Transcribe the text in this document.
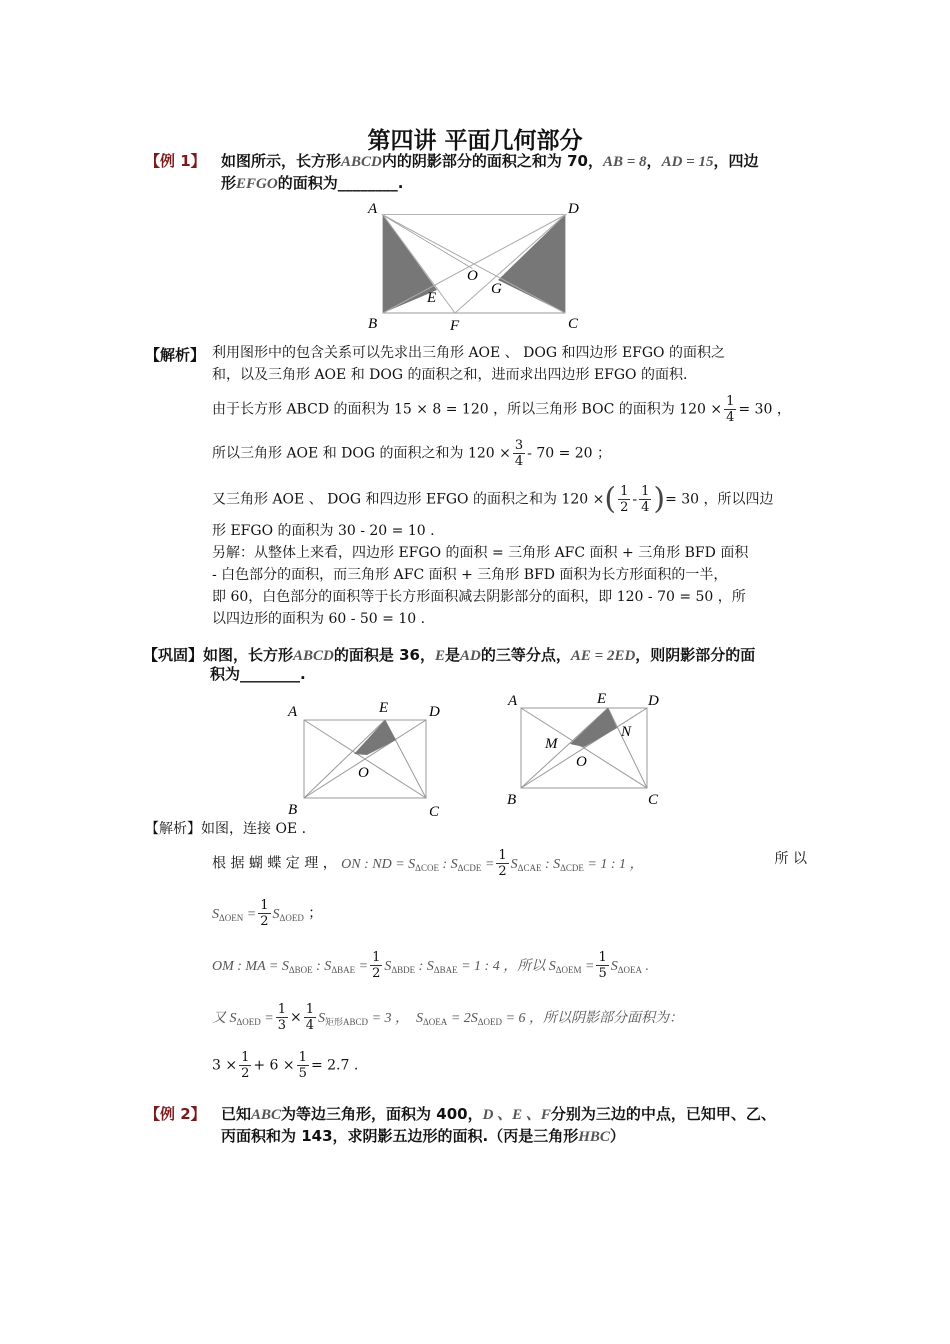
第四讲 平面几何部分
【例 1】 如图所示，长方形ABCD内的阴影部分的面积之和为 70，AB = 8，AD = 15，四边
形EFGO的面积为________.
A	D
B	C
F
O
E
G
【解析】 利用图形中的包含关系可以先求出三角形 AOE 、 DOG 和四边形 EFGO 的面积之
和，以及三角形 AOE 和 DOG 的面积之和，进而求出四边形 EFGO 的面积.
由于长方形 ABCD 的面积为 15 × 8 = 120 ，所以三角形 BOC 的面积为 $120 \times \frac{1}{4} = 30$ ，
所以三角形 AOE 和 DOG 的面积之和为 $120 \times \frac{3}{4} - 70 = 20$ ；
又三角形 AOE 、 DOG 和四边形 EFGO 的面积之和为 120 ×( $\frac{1}{2} - \frac{1}{4}$ )= 30 ，所以四边
形 EFGO 的面积为 30 - 20 = 10 .
另解：从整体上来看，四边形 EFGO 的面积 = 三角形 AFC 面积 + 三角形 BFD 面积
- 白色部分的面积，而三角形 AFC 面积 + 三角形 BFD 面积为长方形面积的一半，
即 60，白色部分的面积等于长方形面积减去阴影部分的面积，即 120 - 70 = 50 ，所
以四边形的面积为 60 - 50 = 10 .
【巩固】如图，长方形ABCD的面积是 36，E是AD的三等分点，AE = 2ED，则阴影部分的面
积为________.
A	E	D
O
B	C
A	E	D
M
N
O
B	C
【解析】如图，连接 OE .
根 据 蝴 蝶 定 理 ， ON : ND = $S_{\Delta COE}$ : $S_{\Delta CDE} = \frac{1}{2} S_{\Delta CAE}$ : $S_{\Delta CDE} = 1$ : 1 ，	所 以
$S_{\Delta OEN} = \frac{1}{2} S_{\Delta OED}$ ；
OM : MA = $S_{\Delta BOE}$ : $S_{\Delta BAE} = \frac{1}{2} S_{\Delta BDE}$ : $S_{\Delta BAE} = 1$ : 4 ，所以 $S_{\Delta OEM} = \frac{1}{5} S_{\Delta OEA}$ .
又 $S_{\Delta OED} = \frac{1}{3} \times \frac{1}{4} S_{矩形ABCD} = 3$ ， $S_{\Delta OEA} = 2S_{\Delta OED} = 6$ ，所以阴影部分面积为：
$3 \times \frac{1}{2} + 6 \times \frac{1}{5} = 2.7$ .
【例 2】 已知ABC为等边三角形，面积为 400，D 、E 、F分别为三边的中点，已知甲、乙、
丙面积和为 143，求阴影五边形的面积.（丙是三角形HBC）
